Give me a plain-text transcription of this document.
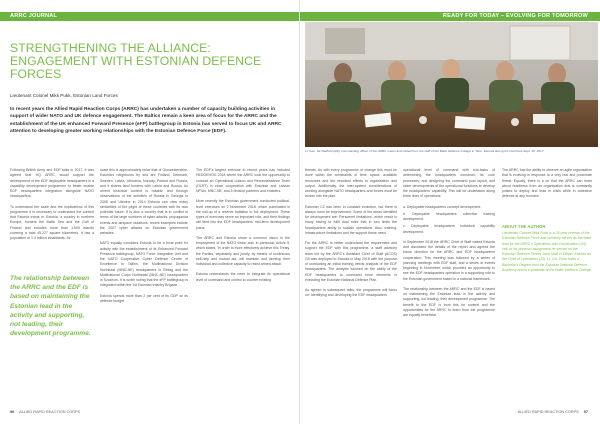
ARRC JOURNAL
STRENGTHENING THE ALLIANCE: ENGAGEMENT WITH ESTONIAN DEFENCE FORCES
Lieutenant Colonel Mikk Pukk, Estonian Land Forces
In recent years the Allied Rapid Reaction Corps (ARRC) has undertaken a number of capacity building activities in support of wider NATO and UK defence engagement. The Baltics remain a keen area of focus for the ARRC and the establishment of the UK enhanced Forward Presence (eFP) battlegroup in Estonia has served to focus UK and ARRC attention to developing greater working relationships with the Estonian Defence Force (EDF).

Following British Army and EDF talks in 2017, it was agreed that HQ ARRC would support the development of the EDF deployable headquarters in a capability development programme to better enable EDF headquarters integration alongside NATO headquarters.

To understand the scale and the implications of this programme it is necessary to understand the context that Estonia exists in. Estonia, a country in northern Europe, borders the Baltic Sea and the Gulf of Finland and includes more than 1,500 islands covering a total 45,227 square kilometres. It has a population of 1.3 million inhabitants; for

The relationship between the ARRC and the EDF is based on maintaining the Estonian lead in the activity and supporting, not leading, their development programme.

scale this is approximately twice that of Gloucestershire. Estonia's neighbours by sea are Finland, Denmark, Sweden, Latvia, Lithuania, Norway, Poland and Russia, and it shares land borders with Latvia and Russia. As recent historical context is notable and through observations of the activities of Russia in Georgia in 2008 and Ukraine in 2014 Estonia can view many similarities of the plight of these countries with its own potential future. It is also a country that is in conflict in terms of the large numbers of cyber attacks, propaganda events and airspace violations, recent examples include the 2007 cyber attacks on Estonian government websites.

NATO equally considers Estonia to be a focal point for activity with the establishment of its Enhanced Forward Presence battlegroup, NATO Force Integration Unit and the NATO Cooperative Cyber Defence Centre of Excellence in Tallinn, the Multinational Division Northeast (MND-NE) headquarters in Elblag and the Multinational Corps Northeast (MNC-NE) headquarters in Szczecin. It is worth noting that the eFP battlegroup is integrated within the 1st Estonian Infantry Brigade.

Estonia spends more than 2 per cent of its GDP on its defence budget

The EDF's largest exercise in recent years has included HEDGEHOG 2018 where the ARRC took the opportunity to conduct an Operational Liaison and Reconnaissance Team (OLRT) in close cooperation with Estonian and Latvian NFIUs, MNC-NE, and 4 division partners and enablers.

More recently the Estonian government conducted political-level exercises on 2 November 2018, which culminated in the call-up of a reserve battalion to full deployment. These types of exercises serve an important role, and their findings will feed into the EDF headquarters' mid-term development plans.

The ARRC and Estonia share a common vision in the employment of the NATO vision and, in particular, Article 5, which states, 'in order to more effectively achieve this Treaty, the Parties, separately and jointly, by means of continuous self-help and mutual aid, will maintain and develop their individual and collective capacity to resist armed attack'.

Estonia understands the need to integrate its operational level of command and control to counter existing

96 ALLIED RAPID REACTION CORPS
READY FOR TODAY – EVOLVING FOR TOMORROW
Lt. Gen. Sir Radford (left), commanding officer of the ARRC meets and visited from the staff of the Baltic Defence College in Tartu, Estonia during his visit there Sept. 18, 2017.

threats. As with every programme of change this must be done within the constraints of time, space, available resources and the resultant effects to organisation and output. Additionally, the inter-system considerations of working alongside NATO headquarters and forces must be woven into the plan.

Estonian C2 has been in constant evolution, but there is always room for improvement. Some of the areas identified for development are: Personnel limitations, which result in many having to fulfil dual roles that in turn limits the headquarters ability to sustain operations. Also, training, infrastructure limitations and the support these need.

For the ARRC to better understand the requirement and support the EDF with this programme, a staff advisory team led by the ARRC's Assistant Chief of Staff (ACOS) G5 was deployed to Estonia in May 2018 with the purpose of conducting an initial training needs analysis of the EDF headquarters. The analysis focused on the ability of the EDF headquarters to command force elements in executing the Estonian National Defence Plan.

As agreed in subsequent talks, the programme will focus on: Identifying and developing the EDF headquarters

operational level of command with sub-tasks of determining the headquarters construct; its core processes; and designing the command post layout; and wider developments of the operational functions to develop the headquarters' capability. This will be undertaken along three lines of operations:

a. Deployable headquarters concept development.

b. Deployable headquarters collective training development.

c. Deployable headquarters individual capability development.

In September 2018 the ARRC Chief of Staff visited Estonia and discussed the details of the report and agreed the future direction for the ARRC and EDF headquarters cooperation. This meeting was followed by a series of planning meetings with EDF staff, and a series of events beginning in November, which provided an opportunity to see the EDF headquarters operation in a supporting role to the Estonian government based in a national framework.

The relationship between the ARRC and the EDF is based on maintaining the Estonian lead in the activity and supporting, not leading, their development programme. The benefit to the EDF is from this for context and the opportunities for the ARRC to learn from the programme are equally beneficial.

The ARRC has the ability to observe an agile organisation that is evolving in response to a very real and proximate threat. Equally, there is a lot that the ARRC can learn about readiness from an organisation that is constantly poised to deploy and lead in crisis while in collective defence at any moment.

ABOUT THE AUTHOR
Lieutenant Colonel Mikk Pukk is a 25 year veteran of the Estonian Defence Force and currently serves as the team lead for the ARRC's Operations and Coordination (G5) cell. In his previous assignment he served on the Estonian Defence Forces Joint Staff in Tallinn, Estonia as the Chief of Operations (J3). Lt. Col. Pukk holds a Bachelor's Degree from the Estonian National Defence Academy and is a graduate of the Baltic Defence College.
ALLIED RAPID REACTION CORPS 97
